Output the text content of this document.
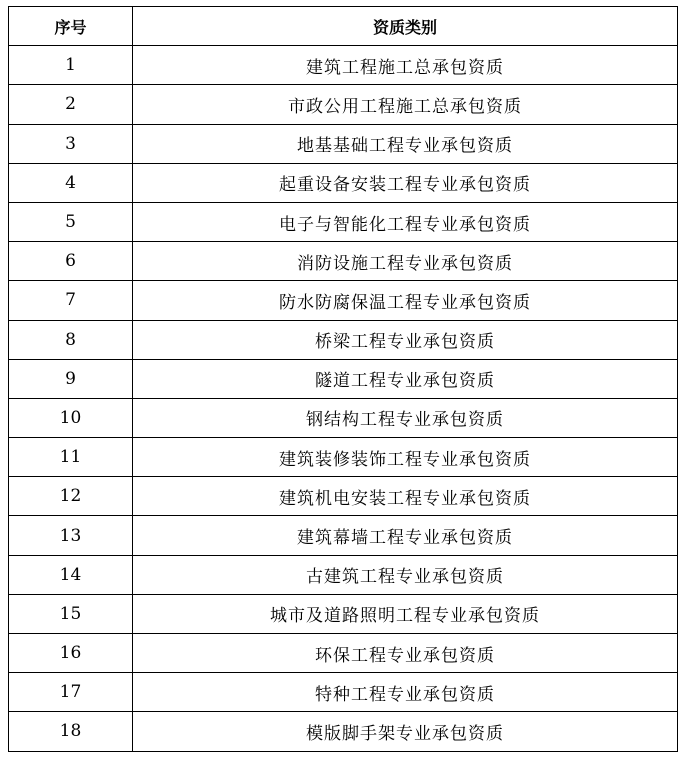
序号	资质类别
1	建筑工程施工总承包资质
2	市政公用工程施工总承包资质
3	地基基础工程专业承包资质
4	起重设备安装工程专业承包资质
5	电子与智能化工程专业承包资质
6	消防设施工程专业承包资质
7	防水防腐保温工程专业承包资质
8	桥梁工程专业承包资质
9	隧道工程专业承包资质
10	钢结构工程专业承包资质
11	建筑装修装饰工程专业承包资质
12	建筑机电安装工程专业承包资质
13	建筑幕墙工程专业承包资质
14	古建筑工程专业承包资质
15	城市及道路照明工程专业承包资质
16	环保工程专业承包资质
17	特种工程专业承包资质
18	模版脚手架专业承包资质
